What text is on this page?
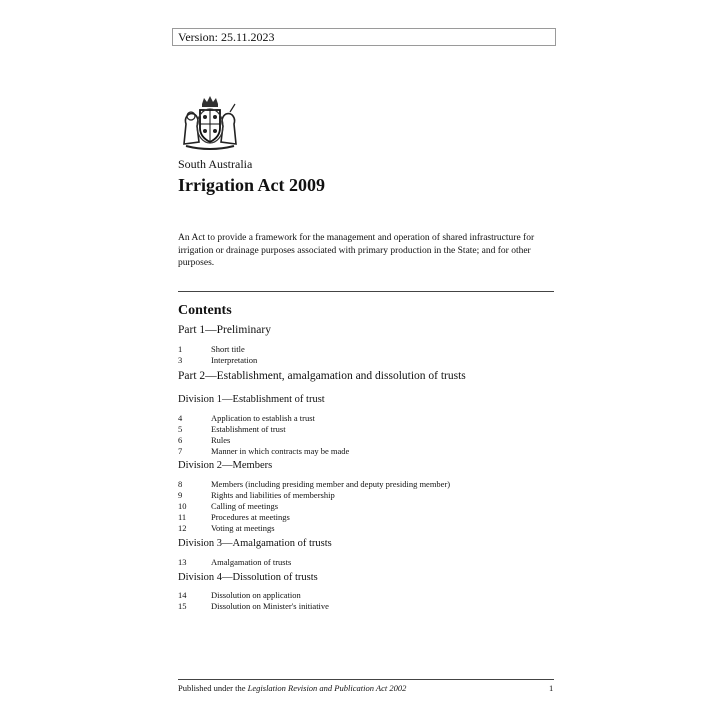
Version: 25.11.2023
South Australia
Irrigation Act 2009

An Act to provide a framework for the management and operation of shared infrastructure for irrigation or drainage purposes associated with primary production in the State; and for other purposes.

Contents
Part 1—Preliminary
1	Short title
3	Interpretation
Part 2—Establishment, amalgamation and dissolution of trusts
Division 1—Establishment of trust
4	Application to establish a trust
5	Establishment of trust
6	Rules
7	Manner in which contracts may be made
Division 2—Members
8	Members (including presiding member and deputy presiding member)
9	Rights and liabilities of membership
10	Calling of meetings
11	Procedures at meetings
12	Voting at meetings
Division 3—Amalgamation of trusts
13	Amalgamation of trusts
Division 4—Dissolution of trusts
14	Dissolution on application
15	Dissolution on Minister's initiative
Published under the Legislation Revision and Publication Act 2002	1
